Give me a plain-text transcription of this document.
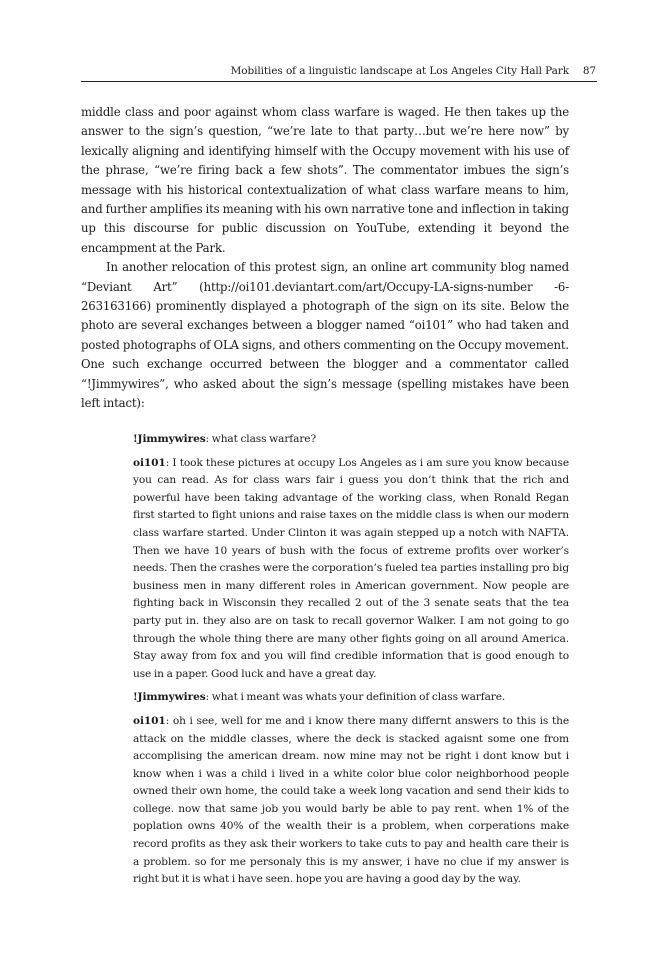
Mobilities of a linguistic landscape at Los Angeles City Hall Park 87

middle class and poor against whom class warfare is waged. He then takes up the answer to the sign’s question, “we’re late to that party…but we’re here now” by lexically aligning and identifying himself with the Occupy movement with his use of the phrase, “we’re firing back a few shots”. The commentator imbues the sign’s message with his historical contextualization of what class warfare means to him, and further amplifies its meaning with his own narrative tone and inflection in taking up this discourse for public discussion on YouTube, extending it beyond the encampment at the Park.

In another relocation of this protest sign, an online art community blog named “Deviant Art” (http://oi101.deviantart.com/art/Occupy-LA-signs-number -6-263163166) prominently displayed a photograph of the sign on its site. Below the photo are several exchanges between a blogger named “oi101” who had taken and posted photographs of OLA signs, and others commenting on the Occupy movement. One such exchange occurred between the blogger and a commentator called “!Jimmywires”, who asked about the sign’s message (spelling mistakes have been left intact):

!Jimmywires: what class warfare?

oi101: I took these pictures at occupy Los Angeles as i am sure you know because you can read. As for class wars fair i guess you don’t think that the rich and powerful have been taking advantage of the working class, when Ronald Regan first started to fight unions and raise taxes on the middle class is when our modern class warfare started. Under Clinton it was again stepped up a notch with NAFTA. Then we have 10 years of bush with the focus of extreme profits over worker’s needs. Then the crashes were the corporation’s fueled tea parties installing pro big business men in many different roles in American government. Now people are fighting back in Wisconsin they recalled 2 out of the 3 senate seats that the tea party put in. they also are on task to recall governor Walker. I am not going to go through the whole thing there are many other fights going on all around America. Stay away from fox and you will find credible information that is good enough to use in a paper. Good luck and have a great day.

!Jimmywires: what i meant was whats your definition of class warfare.

oi101: oh i see, well for me and i know there many differnt answers to this is the attack on the middle classes, where the deck is stacked agaisnt some one from accomplising the american dream. now mine may not be right i dont know but i know when i was a child i lived in a white color blue color neighborhood people owned their own home, the could take a week long vacation and send their kids to college. now that same job you would barly be able to pay rent. when 1% of the poplation owns 40% of the wealth their is a problem, when corperations make record profits as they ask their workers to take cuts to pay and health care their is a problem. so for me personaly this is my answer, i have no clue if my answer is right but it is what i have seen. hope you are having a good day by the way.
